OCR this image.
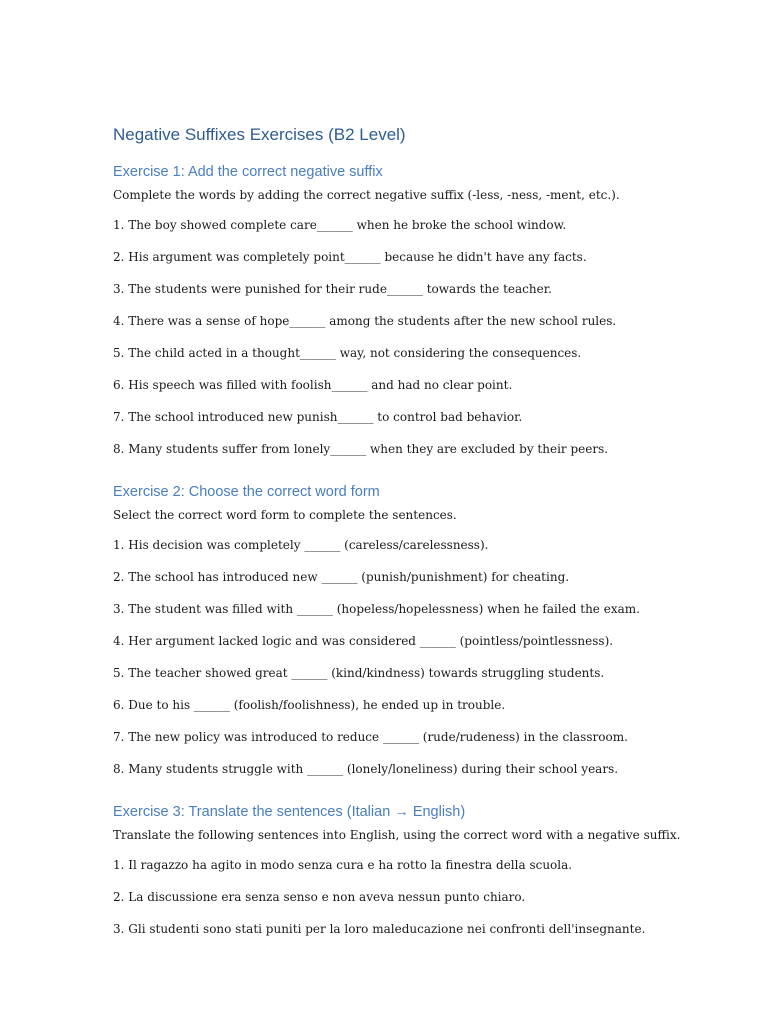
Negative Suffixes Exercises (B2 Level)
Exercise 1: Add the correct negative suffix

Complete the words by adding the correct negative suffix (-less, -ness, -ment, etc.).

1. The boy showed complete care______ when he broke the school window.

2. His argument was completely point______ because he didn't have any facts.

3. The students were punished for their rude______ towards the teacher.

4. There was a sense of hope______ among the students after the new school rules.

5. The child acted in a thought______ way, not considering the consequences.

6. His speech was filled with foolish______ and had no clear point.

7. The school introduced new punish______ to control bad behavior.

8. Many students suffer from lonely______ when they are excluded by their peers.

Exercise 2: Choose the correct word form

Select the correct word form to complete the sentences.

1. His decision was completely ______ (careless/carelessness).

2. The school has introduced new ______ (punish/punishment) for cheating.

3. The student was filled with ______ (hopeless/hopelessness) when he failed the exam.

4. Her argument lacked logic and was considered ______ (pointless/pointlessness).

5. The teacher showed great ______ (kind/kindness) towards struggling students.

6. Due to his ______ (foolish/foolishness), he ended up in trouble.

7. The new policy was introduced to reduce ______ (rude/rudeness) in the classroom.

8. Many students struggle with ______ (lonely/loneliness) during their school years.

Exercise 3: Translate the sentences (Italian → English)

Translate the following sentences into English, using the correct word with a negative suffix.

1. Il ragazzo ha agito in modo senza cura e ha rotto la finestra della scuola.

2. La discussione era senza senso e non aveva nessun punto chiaro.

3. Gli studenti sono stati puniti per la loro maleducazione nei confronti dell'insegnante.
